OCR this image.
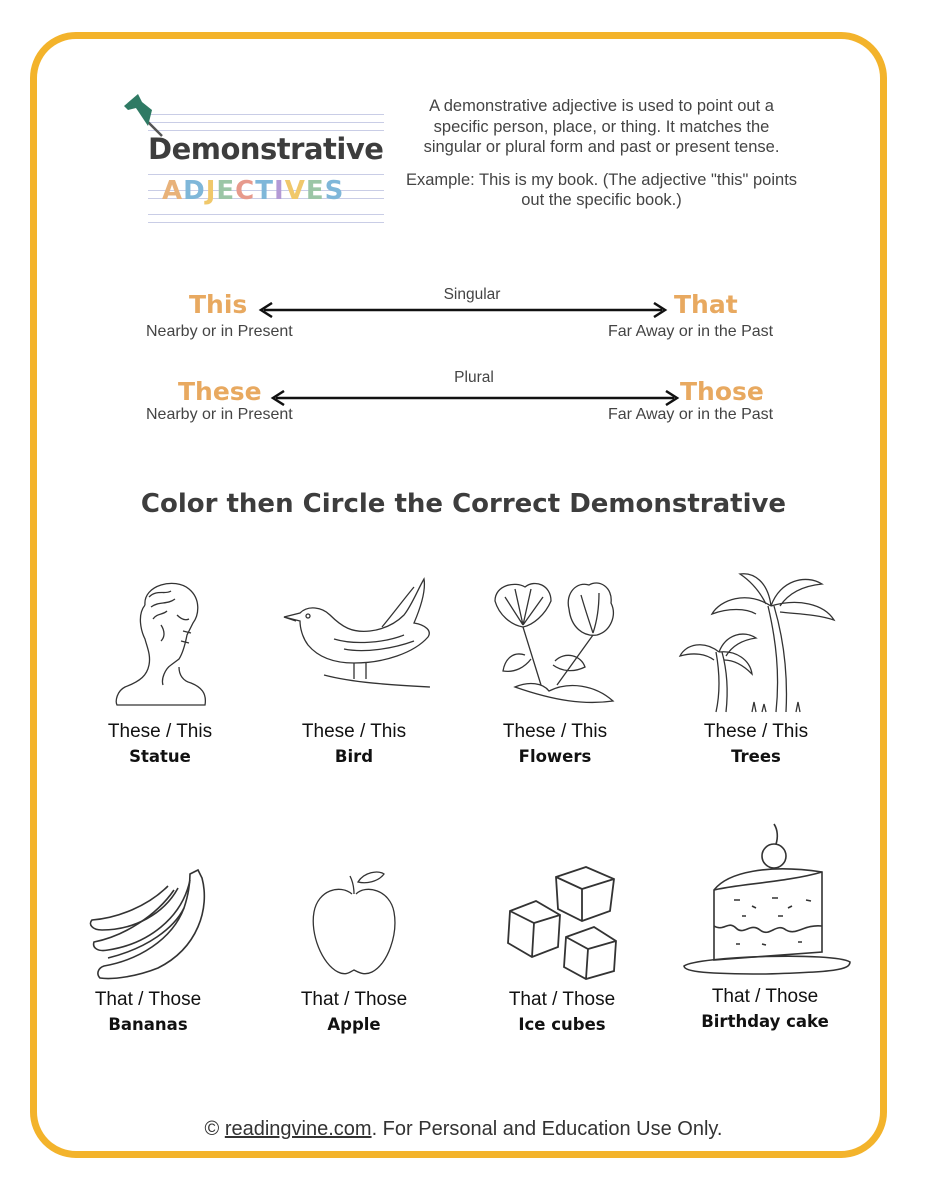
Demonstrative
ADJECTIVES

A demonstrative adjective is used to point out a specific person, place, or thing. It matches the singular or plural form and past or present tense.

Example: This is my book. (The adjective "this" points out the specific book.)

This
Nearby or in Present
Singular	That
Far Away or in the Past
These
Nearby or in Present
Plural	Those
Far Away or in the Past
Color then Circle the Correct Demonstrative
These / This
Statue
These / This
Bird
These / This
Flowers
These / This
Trees
That / Those
Bananas
That / Those
Apple
That / Those
Ice cubes
That / Those
Birthday cake
© readingvine.com. For Personal and Education Use Only.
